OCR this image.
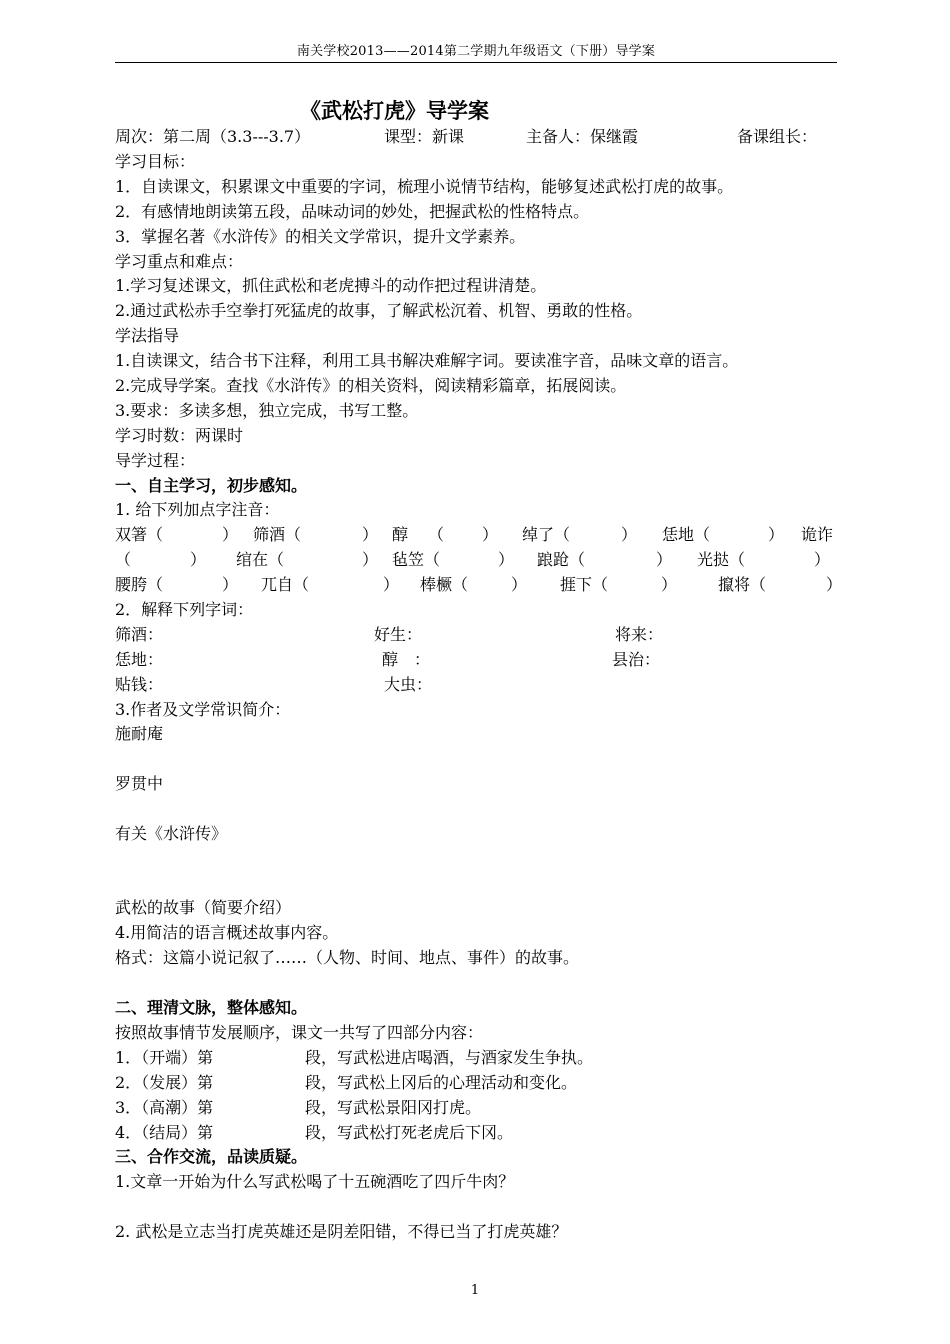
南关学校2013——2014第二学期九年级语文（下册）导学案
《武松打虎》导学案
周次：第二周（3.3---3.7）	课型：新课	主备人：保继霞	备课组长：
学习目标：
1．自读课文，积累课文中重要的字词，梳理小说情节结构，能够复述武松打虎的故事。
2．有感情地朗读第五段，品味动词的妙处，把握武松的性格特点。
3．掌握名著《水浒传》的相关文学常识，提升文学素养。
学习重点和难点：
1.学习复述课文，抓住武松和老虎搏斗的动作把过程讲清楚。
2.通过武松赤手空拳打死猛虎的故事，了解武松沉着、机智、勇敢的性格。
学法指导
1.自读课文，结合书下注释，利用工具书解决难解字词。要读准字音，品味文章的语言。
2.完成导学案。查找《水浒传》的相关资料，阅读精彩篇章，拓展阅读。
3.要求：多读多想，独立完成，书写工整。
学习时数：两课时
导学过程：
一、自主学习，初步感知。
1. 给下列加点字注音：
双箸（	） 筛酒（	） 醇 （ ） 绰了（	） 恁地（	） 诡诈
（	） 绾在（	） 毡笠（	） 踉跄（	） 光挞（	）
腰胯（	） 兀自（	） 棒橛（	） 捱下（	）	攛将（	）
2．解释下列字词：
筛酒：	好生：	将来：
恁地：	醇　：	县治：
贴钱：	大虫：
3.作者及文学常识简介：
施耐庵
罗贯中
有关《水浒传》
武松的故事（简要介绍）
4.用简洁的语言概述故事内容。
格式：这篇小说记叙了……（人物、时间、地点、事件）的故事。
二、理清文脉，整体感知。
按照故事情节发展顺序，课文一共写了四部分内容：
1．（开端）第	段，写武松进店喝酒，与酒家发生争执。
2．（发展）第	段，写武松上冈后的心理活动和变化。
3．（高潮）第	段，写武松景阳冈打虎。
4．（结局）第	段，写武松打死老虎后下冈。
三、合作交流，品读质疑。
1.文章一开始为什么写武松喝了十五碗酒吃了四斤牛肉？
2. 武松是立志当打虎英雄还是阴差阳错，不得已当了打虎英雄？
1
